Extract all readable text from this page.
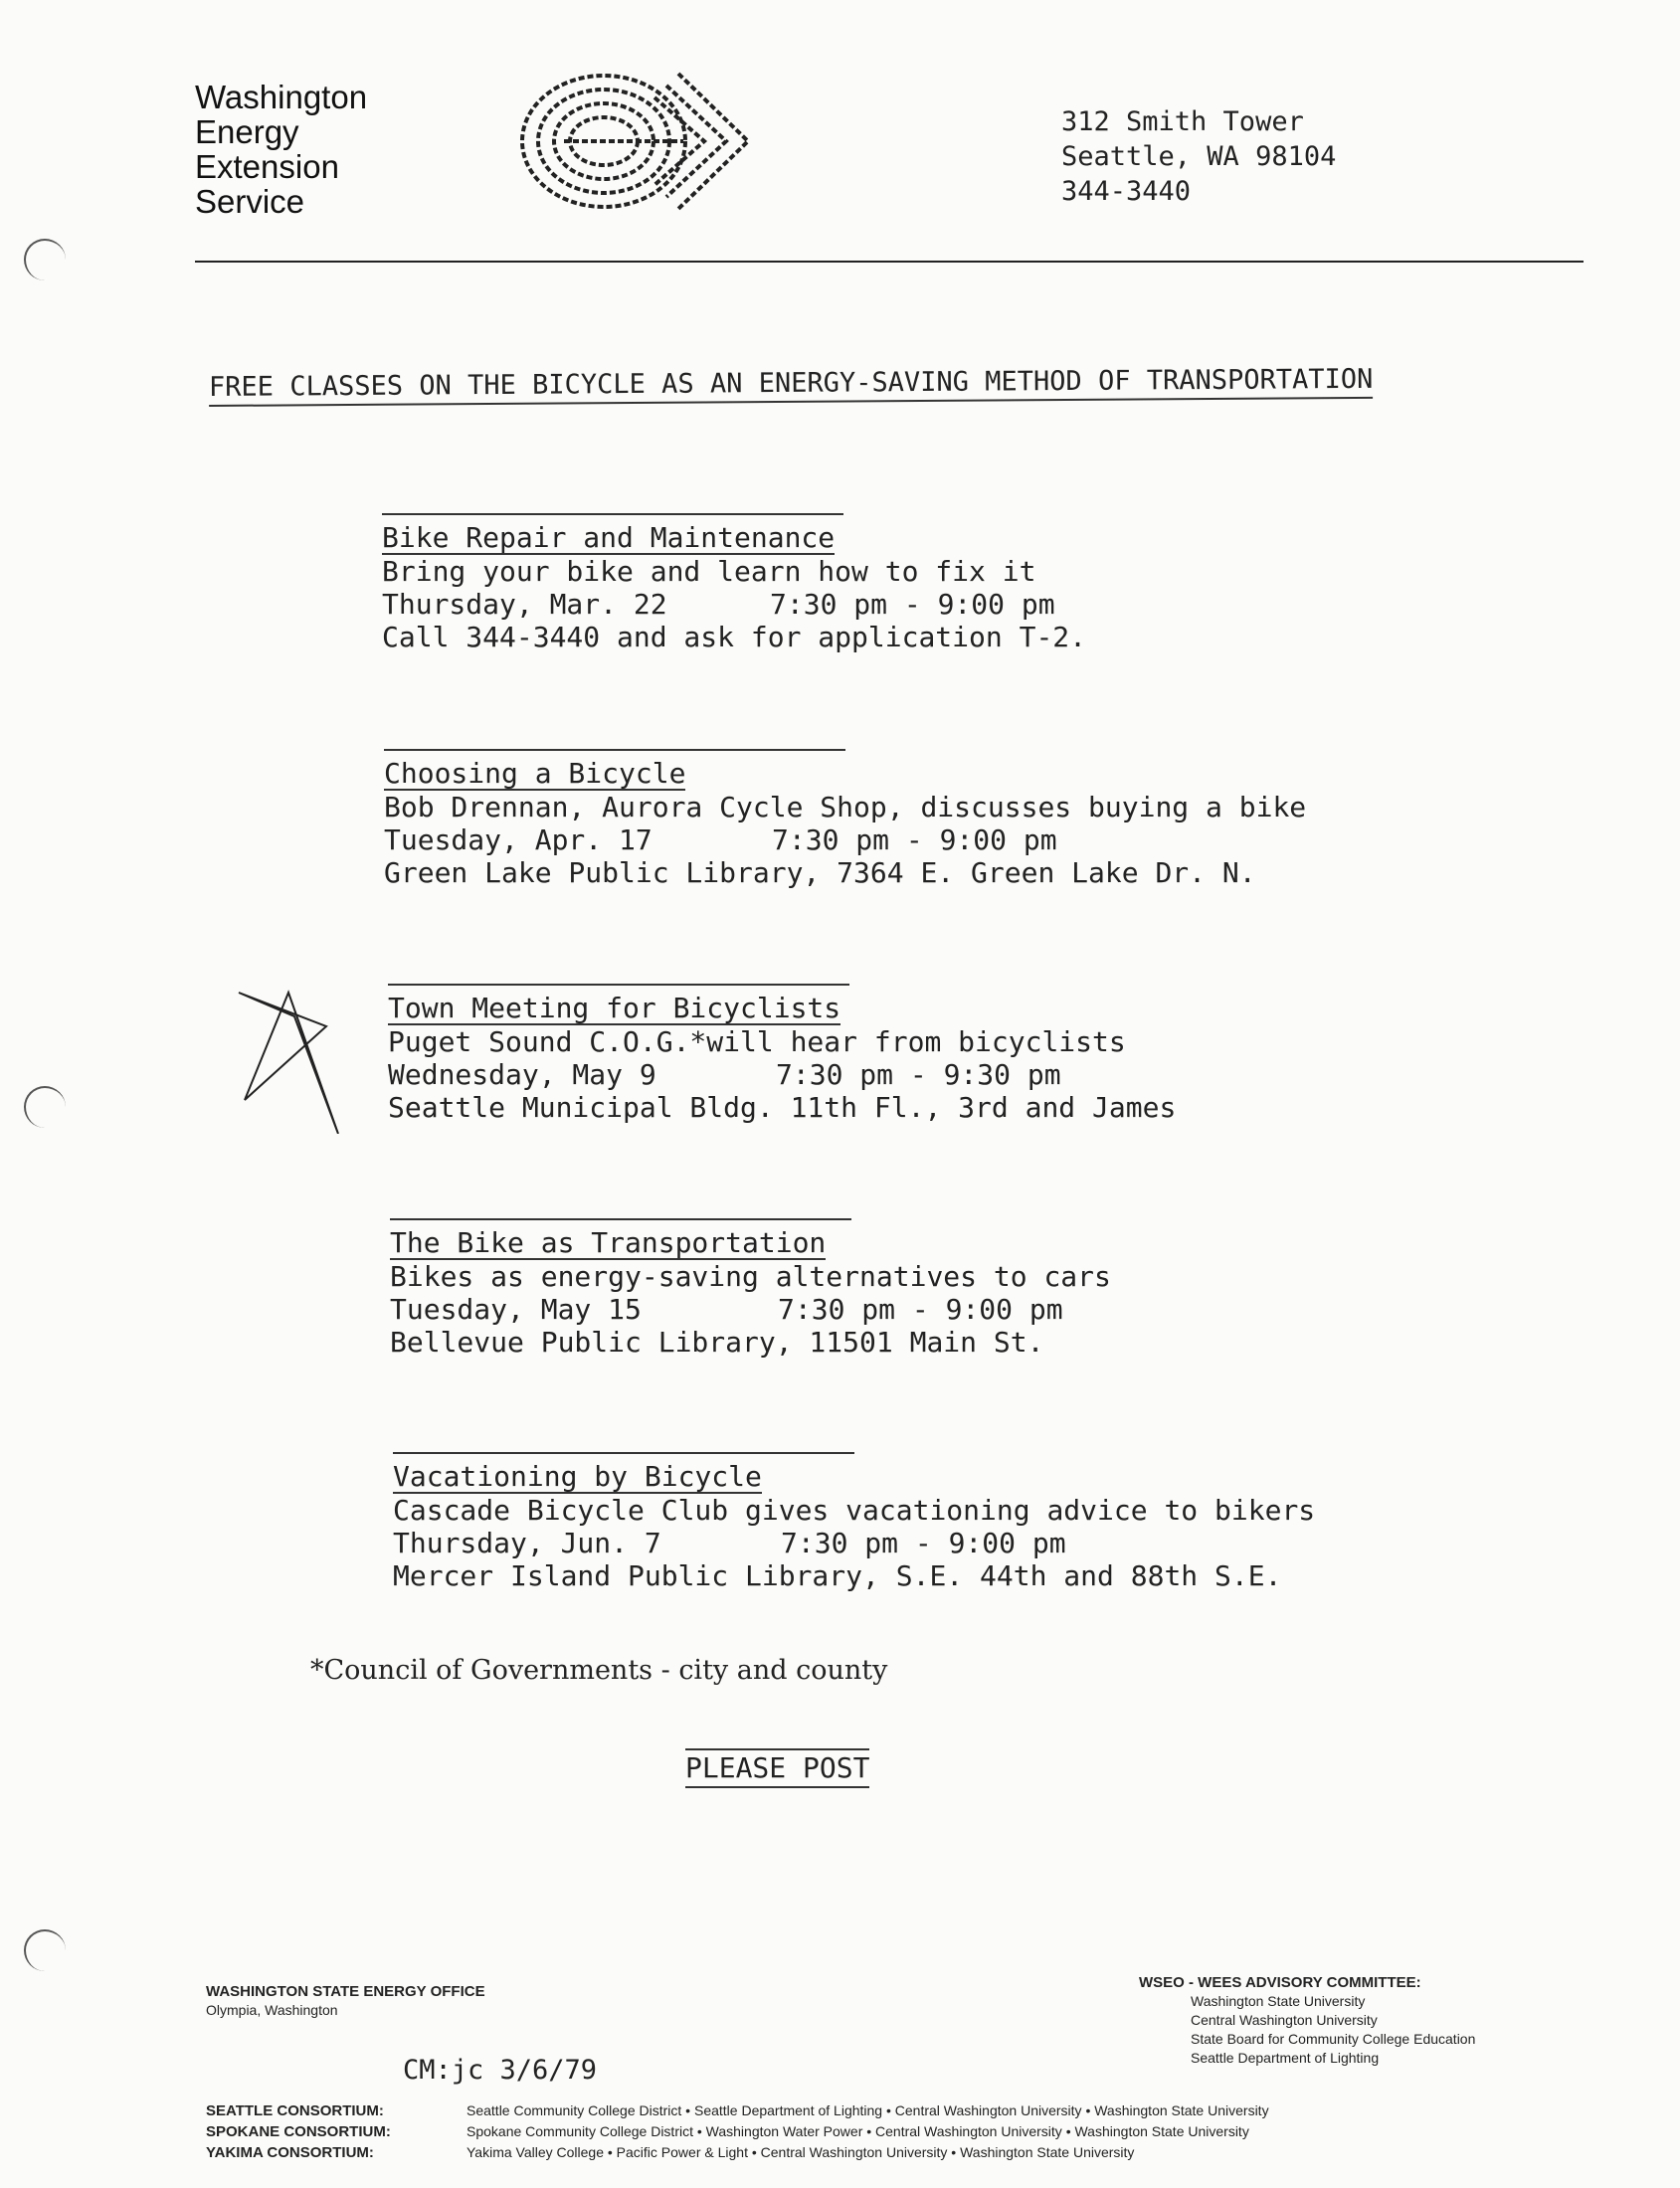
Washington
Energy
Extension
Service
312 Smith Tower
Seattle, WA 98104
344-3440
FREE CLASSES ON THE BICYCLE AS AN ENERGY-SAVING METHOD OF TRANSPORTATION
Bike Repair and Maintenance
Bring your bike and learn how to fix it
Thursday, Mar. 22	7:30 pm - 9:00 pm
Call 344-3440 and ask for application T-2.
Choosing a Bicycle
Bob Drennan, Aurora Cycle Shop, discusses buying a bike
Tuesday, Apr. 17	7:30 pm - 9:00 pm
Green Lake Public Library, 7364 E. Green Lake Dr. N.
Town Meeting for Bicyclists
Puget Sound C.O.G.*will hear from bicyclists
Wednesday, May 9	7:30 pm - 9:30 pm
Seattle Municipal Bldg. 11th Fl., 3rd and James
The Bike as Transportation
Bikes as energy-saving alternatives to cars
Tuesday, May 15	7:30 pm - 9:00 pm
Bellevue Public Library, 11501 Main St.
Vacationing by Bicycle
Cascade Bicycle Club gives vacationing advice to bikers
Thursday, Jun. 7	7:30 pm - 9:00 pm
Mercer Island Public Library, S.E. 44th and 88th S.E.
*Council of Governments - city and county
PLEASE POST
WASHINGTON STATE ENERGY OFFICE
Olympia, Washington
WSEO - WEES ADVISORY COMMITTEE:
Washington State University
Central Washington University
State Board for Community College Education
Seattle Department of Lighting
CM:jc 3/6/79
SEATTLE CONSORTIUM:	Seattle Community College District • Seattle Department of Lighting • Central Washington University • Washington State University
SPOKANE CONSORTIUM:	Spokane Community College District • Washington Water Power • Central Washington University • Washington State University
YAKIMA CONSORTIUM:	Yakima Valley College • Pacific Power & Light • Central Washington University • Washington State University
